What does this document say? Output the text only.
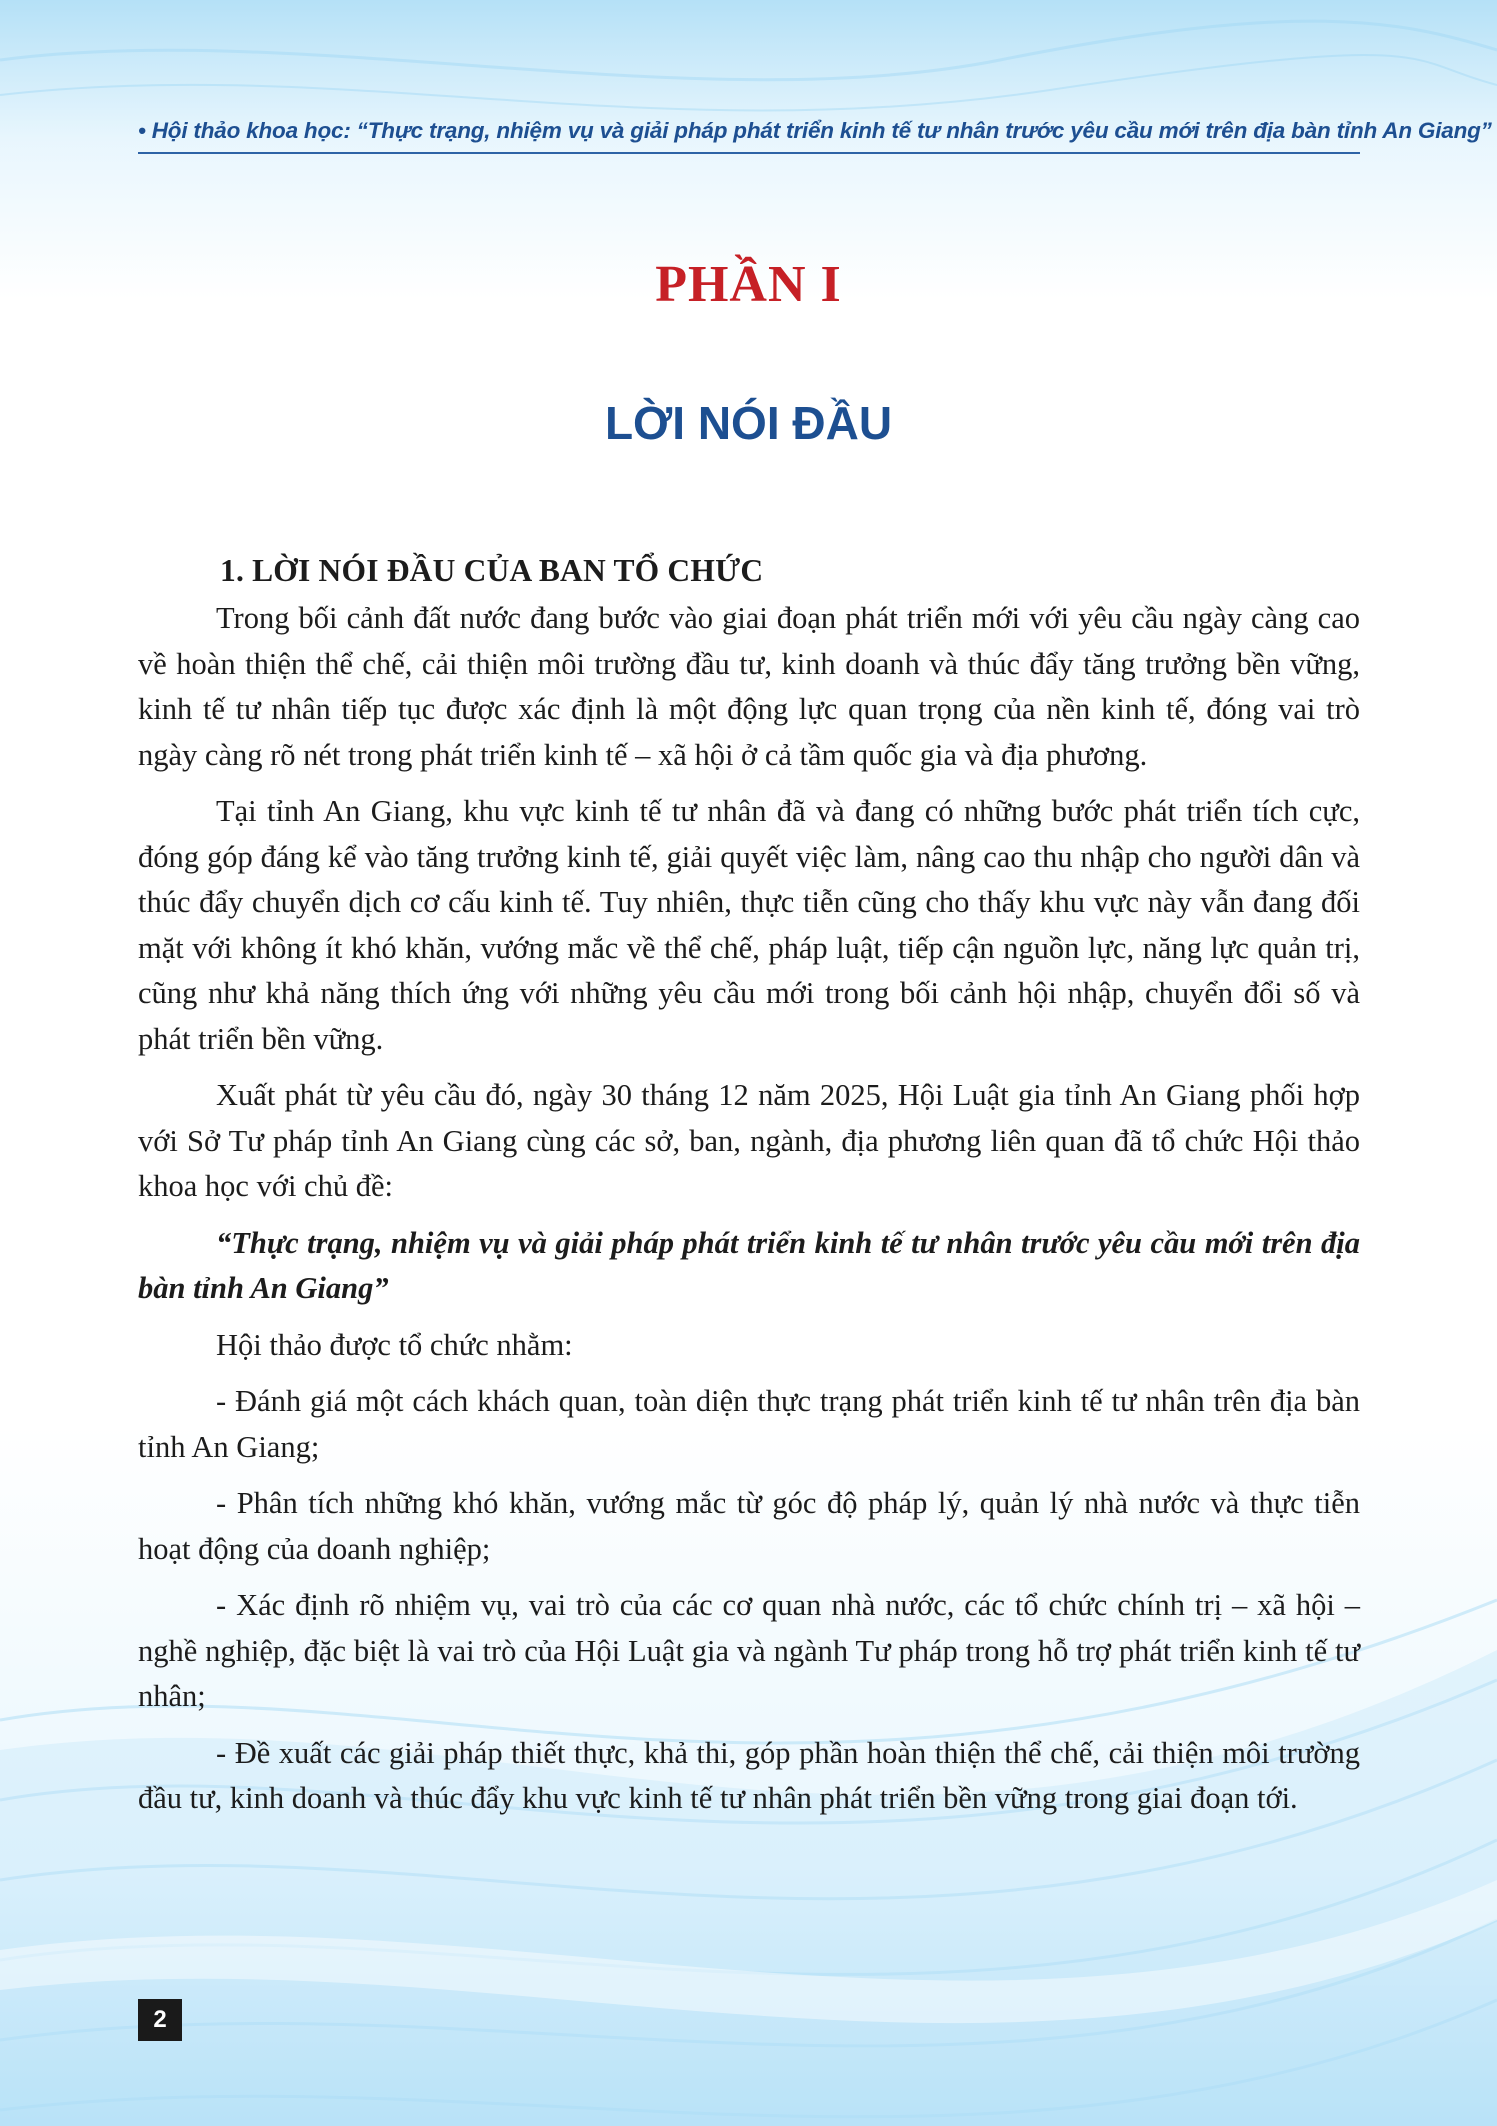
• Hội thảo khoa học: “Thực trạng, nhiệm vụ và giải pháp phát triển kinh tế tư nhân trước yêu cầu mới trên địa bàn tỉnh An Giang”
PHẦN I
LỜI NÓI ĐẦU
1. LỜI NÓI ĐẦU CỦA BAN TỔ CHỨC

Trong bối cảnh đất nước đang bước vào giai đoạn phát triển mới với yêu cầu ngày càng cao về hoàn thiện thể chế, cải thiện môi trường đầu tư, kinh doanh và thúc đẩy tăng trưởng bền vững, kinh tế tư nhân tiếp tục được xác định là một động lực quan trọng của nền kinh tế, đóng vai trò ngày càng rõ nét trong phát triển kinh tế – xã hội ở cả tầm quốc gia và địa phương.

Tại tỉnh An Giang, khu vực kinh tế tư nhân đã và đang có những bước phát triển tích cực, đóng góp đáng kể vào tăng trưởng kinh tế, giải quyết việc làm, nâng cao thu nhập cho người dân và thúc đẩy chuyển dịch cơ cấu kinh tế. Tuy nhiên, thực tiễn cũng cho thấy khu vực này vẫn đang đối mặt với không ít khó khăn, vướng mắc về thể chế, pháp luật, tiếp cận nguồn lực, năng lực quản trị, cũng như khả năng thích ứng với những yêu cầu mới trong bối cảnh hội nhập, chuyển đổi số và phát triển bền vững.

Xuất phát từ yêu cầu đó, ngày 30 tháng 12 năm 2025, Hội Luật gia tỉnh An Giang phối hợp với Sở Tư pháp tỉnh An Giang cùng các sở, ban, ngành, địa phương liên quan đã tổ chức Hội thảo khoa học với chủ đề:

“Thực trạng, nhiệm vụ và giải pháp phát triển kinh tế tư nhân trước yêu cầu mới trên địa bàn tỉnh An Giang”

Hội thảo được tổ chức nhằm:

- Đánh giá một cách khách quan, toàn diện thực trạng phát triển kinh tế tư nhân trên địa bàn tỉnh An Giang;

- Phân tích những khó khăn, vướng mắc từ góc độ pháp lý, quản lý nhà nước và thực tiễn hoạt động của doanh nghiệp;

- Xác định rõ nhiệm vụ, vai trò của các cơ quan nhà nước, các tổ chức chính trị – xã hội – nghề nghiệp, đặc biệt là vai trò của Hội Luật gia và ngành Tư pháp trong hỗ trợ phát triển kinh tế tư nhân;

- Đề xuất các giải pháp thiết thực, khả thi, góp phần hoàn thiện thể chế, cải thiện môi trường đầu tư, kinh doanh và thúc đẩy khu vực kinh tế tư nhân phát triển bền vững trong giai đoạn tới.

2
